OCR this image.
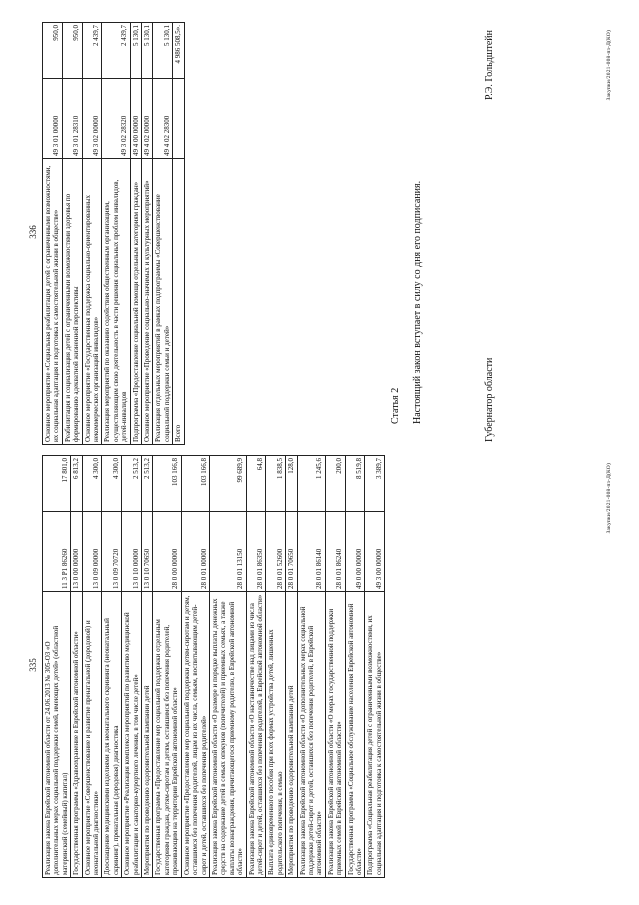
335 Реализация закона Еврейской автономной области от 24.06.2013 № 305-ОЗ «О дополнительных мерах социальной поддержки семей, имеющих детей» (областной материнский (семейный) капитал)	11 3 P1 86260	17 801,0
Государственная программа «Здравоохранение в Еврейской автономной области»	13 0 00 00000	6 813,2
Основное мероприятие «Совершенствование и развитие пренатальной (дородовой) и неонатальной диагностики»	13 0 09 00000	4 300,0
Дооснащение медицинскими изделиями для неонатального скрининга (неонатальный скрининг), пренатальная (дородовая) диагностика	13 0 09 70720	4 300,0
Основное мероприятие «Реализация комплекса мероприятий по развитию медицинской реабилитации и санаторно-курортного лечения, в том числе детей»	13 0 10 00000	2 513,2
Мероприятия по проведению оздоровительной кампании детей	13 0 10 70650	2 513,2
Государственная программа «Предоставление мер социальной поддержки отдельным категориям граждан, детям-сиротам и детям, оставшимся без попечения родителей, проживающим на территории Еврейской автономной области»	28 0 00 00000	103 166,8
Основное мероприятие «Предоставление мер социальной поддержки детям-сиротам и детям, оставшимся без попечения родителей, лицам из их числа, семьям, воспитывающим детей-сирот и детей, оставшихся без попечения родителей»	28 0 01 00000	103 166,8
Реализация закона Еврейской автономной области «О размере и порядке выплаты денежных средств на содержание детей в семьях опекунов (попечителей) и приемных семьях, а также выплаты вознаграждения, причитающегося приемному родителю, в Еврейской автономной области»	28 0 01 13150	99 689,9
Реализация закона Еврейской автономной области «О наставничестве над лицами из числа детей-сирот и детей, оставшихся без попечения родителей, в Еврейской автономной области»	28 0 01 86350	64,8
Выплата единовременного пособия при всех формах устройства детей, лишенных родительского попечения, в семью	28 0 01 52600	1 838,5
Мероприятия по проведению оздоровительной кампании детей	28 0 01 70650	128,0
Реализация закона Еврейской автономной области «О дополнительных мерах социальной поддержки детей-сирот и детей, оставшихся без попечения родителей, в Еврейской автономной области»	28 0 01 86140	1 245,6
Реализация закона Еврейской автономной области «О мерах государственной поддержки приемных семей в Еврейской автономной области»	28 0 01 86240	200,0
Государственная программа «Социальное обслуживание населения Еврейской автономной области»	49 0 00 00000	8 519,8
Подпрограмма «Социальная реабилитация детей с ограниченными возможностями, их социальная адаптация и подготовка к самостоятельной жизни в обществе»	49 3 00 00000	3 389,7	Закупки/2021-008-пз-Д(КО)
336 Основное мероприятие «Социальная реабилитация детей с ограниченными возможностями, их социальная адаптация и подготовка к самостоятельной жизни в обществе»	49 3 01 00000	950,0
Реабилитация и социализация детей с ограниченными возможностями здоровья по формированию адекватной жизненной перспективы	49 3 01 28310	950,0
Основное мероприятие «Государственная поддержка социально-ориентированных некоммерческих организаций инвалидов»	49 3 02 00000	2 439,7
Реализация мероприятий по оказанию содействия общественным организациям, осуществляющим свою деятельность в части решения социальных проблем инвалидов, детей-инвалидов	49 3 02 28320	2 439,7
Подпрограмма «Предоставление социальной помощи отдельным категориям граждан»	49 4 00 00000	5 130,1
Основное мероприятие «Проведение социально-значимых и культурных мероприятий»	49 4 02 00000	5 130,1
Реализация отдельных мероприятий в рамках подпрограммы «Совершенствование социальной поддержки семьи и детей»	49 4 02 28300	5 130,1
Всего		4 986 508,5».
Статья 2 Настоящий закон вступает в силу со дня его подписания.	Губернатор области
Р.Э. Гольдштейн	Закупки/2021-008-пз-Д(КО)
